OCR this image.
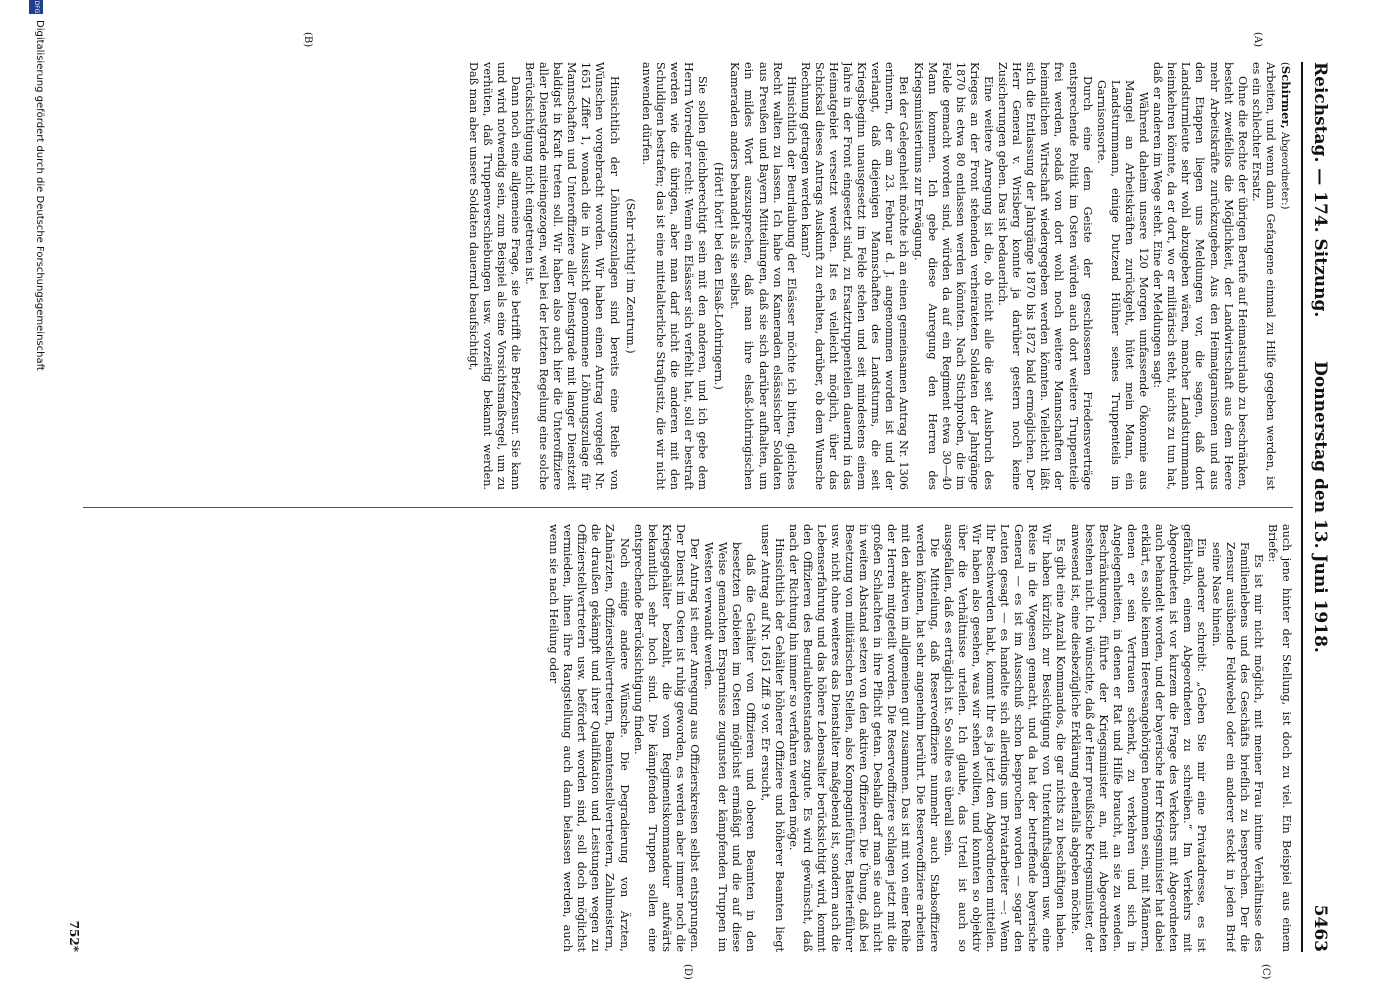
Reichstag. — 174. Sitzung.
Donnerstag den 13. Juni 1918.
5463
(A)
(B)
(C)
(D)
(Schirmer, Abgeordneter:)

Arbeiten, und wenn dann Gefangene einmal zu Hilfe gegeben werden, ist es ein schlechter Ersatz.

Ohne die Rechte der übrigen Berufe auf Heimatsurlaub zu beschränken, besteht zweifellos die Möglichkeit, der Landwirtschaft aus dem Heere mehr Arbeitskräfte zurückzugeben. Aus den Heimatgarnisonen und aus den Etappen liegen uns Meldungen vor, die sagen, daß dort Landsturmleute sehr wohl abzugeben wären, mancher Landsturmmann heimkehren könnte, da er dort, wo er militärisch steht, nichts zu tun hat, daß er anderen im Wege steht. Eine der Meldungen sagt:

Während daheim unsere 120 Morgen umfassende Ökonomie aus Mangel an Arbeitskräften zurückgeht, hütet mein Mann, ein Landsturmmann, einige Dutzend Hühner seines Truppenteils im Garnisonsorte.

Durch eine dem Geiste der geschlossenen Friedensverträge entsprechende Politik im Osten würden auch dort weitere Truppenteile frei werden, sodaß von dort wohl noch weitere Mannschaften der heimatlichen Wirtschaft wiedergegeben werden könnten. Vielleicht läßt sich die Entlassung der Jahrgänge 1870 bis 1872 bald ermöglichen. Der Herr General v. Wrisberg konnte ja darüber gestern noch keine Zusicherungen geben. Das ist bedauerlich.

Eine weitere Anregung ist die, ob nicht alle die seit Ausbruch des Krieges an der Front stehenden verheirateten Soldaten der Jahrgänge 1870 bis etwa 80 entlassen werden könnten. Nach Stichproben, die im Felde gemacht worden sind, würden da auf ein Regiment etwa 30—40 Mann kommen. Ich gebe diese Anregung den Herren des Kriegsministeriums zur Erwägung.

Bei der Gelegenheit möchte ich an einen gemeinsamen Antrag Nr. 1306 erinnern, der am 23. Februar d. J. angenommen worden ist und der verlangt, daß diejenigen Mannschaften des Landsturms, die seit Kriegsbeginn unausgesetzt im Felde stehen und seit mindestens einem Jahre in der Front eingesetzt sind, zu Ersatztruppenteilen dauernd in das Heimatgebiet versetzt werden. Ist es vielleicht möglich, über das Schicksal dieses Antrags Auskunft zu erhalten, darüber, ob dem Wunsche Rechnung getragen werden kann?

Hinsichtlich der Beurlaubung der Elsässer möchte ich bitten, gleiches Recht walten zu lassen. Ich habe von Kameraden elsässischer Soldaten aus Preußen und Bayern Mitteilungen, daß sie sich darüber aufhalten, um ein mildes Wort auszusprechen, daß man ihre elsaß-lothringischen Kameraden anders behandelt als sie selbst.

(Hört! hört! bei den Elsaß-Lothringern.)

Sie sollen gleichberechtigt sein mit den anderen, und ich gebe dem Herrn Vorredner recht: Wenn ein Elsässer sich verfehlt hat, soll er bestraft werden wie die übrigen, aber man darf nicht die anderen mit den Schuldigen bestrafen; das ist eine mittelalterliche Strafjustiz, die wir nicht anwenden dürfen.

(Sehr richtig! im Zentrum.)

Hinsichtlich der Löhnungszulagen sind bereits eine Reihe von Wünschen vorgebracht worden. Wir haben einen Antrag vorgelegt Nr. 1651 Ziffer 1, wonach die in Aussicht genommene Löhnungszulage für Mannschaften und Unteroffiziere aller Dienstgrade mit langer Dienstzeit baldigst in Kraft treten soll. Wir haben also auch hier die Unteroffiziere aller Dienstgrade miteingezogen, weil bei der letzten Regelung eine solche Berücksichtigung nicht eingetreten ist.

Dann noch eine allgemeine Frage, sie betrifft die Briefzensur. Sie kann und wird notwendig sein, zum Beispiel als eine Vorsichtsmaßregel, um zu verhüten, daß Truppenverschiebungen usw. vorzeitig bekannt werden. Daß man aber unsere Soldaten dauernd beaufsichtigt,

auch jene hinter der Stellung, ist doch zu viel. Ein Beispiel aus einem Briefe:

Es ist mir nicht möglich, mit meiner Frau intime Verhältnisse des Familienlebens und des Geschäfts brieflich zu besprechen. Der die Zensur ausübende Feldwebel oder ein anderer steckt in jeden Brief seine Nase hinein.

Ein anderer schreibt: „Geben Sie mir eine Privatadresse, es ist gefährlich, einem Abgeordneten zu schreiben.“ Im Verkehrs mit Abgeordneten ist vor kurzem die Frage des Verkehrs mit Abgeordneten auch behandelt worden, und der bayerische Herr Kriegsminister hat dabei erklärt, es solle keinem Heeresangehörigen benommen sein, mit Männern, denen er sein Vertrauen schenkt, zu verkehren und sich in Angelegenheiten, in denen er Rat und Hilfe braucht, an sie zu wenden. Beschränkungen, führte der Kriegsminister an, mit Abgeordneten bestehen nicht. Ich wünschte, daß der Herr preußische Kriegsminister, der anwesend ist, eine diesbezügliche Erklärung ebenfalls abgeben möchte.

Es gibt eine Anzahl Kommandos, die gar nichts zu beschäftigen haben. Wir haben kürzlich zur Besichtigung von Unterkunftslagern usw. eine Reise in die Vogesen gemacht, und da hat der betreffende bayerische General — es ist im Ausschuß schon besprochen worden — sogar den Leuten gesagt — es handelte sich allerdings um Privatarbeiter —: Wenn Ihr Beschwerden habt, kommt Ihr es ja jetzt den Abgeordneten mitteilen. Wir haben also gesehen, was wir sehen wollten, und konnten so objektiv über die Verhältnisse urteilen. Ich glaube, das Urteil ist auch so ausgefallen, daß es erträglich ist. So sollte es überall sein.

Die Mitteilung, daß Reserveoffiziere nunmehr auch Stabsoffiziere werden können, hat sehr angenehm berührt. Die Reserveoffiziere arbeiten mit den aktiven im allgemeinen gut zusammen. Das ist mit von einer Reihe der Herren mitgeteilt worden. Die Reserveoffiziere schlagen jetzt mit die großen Schlachten in ihre Pflicht getan. Deshalb darf man sie auch nicht in weitem Abstand setzen von den aktiven Offizieren. Die Übung, daß bei Besetzung von militärischen Stellen, also Kompagnieführer, Batterieführer usw. nicht ohne weiteres das Dienstalter maßgebend ist, sondern auch die Lebenserfahrung und das höhere Lebensalter berücksichtigt wird, kommt den Offizieren des Beurlaubtenstandes zugute. Es wird gewünscht, daß nach der Richtung hin immer so verfahren werden möge.

Hinsichtlich der Gehälter höherer Offiziere und höherer Beamten liegt unser Antrag auf Nr. 1651 Ziff. 9 vor. Er ersucht,

daß die Gehälter von Offizieren und oberen Beamten in den besetzten Gebieten im Osten möglichst ermäßigt und die auf diese Weise gemachten Ersparnisse zugunsten der kämpfenden Truppen im Westen verwandt werden.

Der Antrag ist einer Anregung aus Offizierskreisen selbst entsprungen. Der Dienst im Osten ist ruhig geworden, es werden aber immer noch die Kriegsgehälter bezahlt, die vom Regimentskommandeur aufwärts bekanntlich sehr hoch sind. Die kämpfenden Truppen sollen eine entsprechende Berücksichtigung finden.

Noch einige andere Wünsche. Die Degradierung von Ärzten, Zahnärzten, Offizierstellvertretern, Beamtenstellvertretern, Zahlmeistern, die draußen gekämpft und ihrer Qualifikation und Leistungen wegen zu Offizierstellvertretern usw. befördert worden sind, soll doch möglichst vermieden, ihnen ihre Rangstellung auch dann belassen werden, auch wenn sie nach Heilung oder

752*
DFG
Digitalisierung gefördert durch die Deutsche Forschungsgemeinschaft
